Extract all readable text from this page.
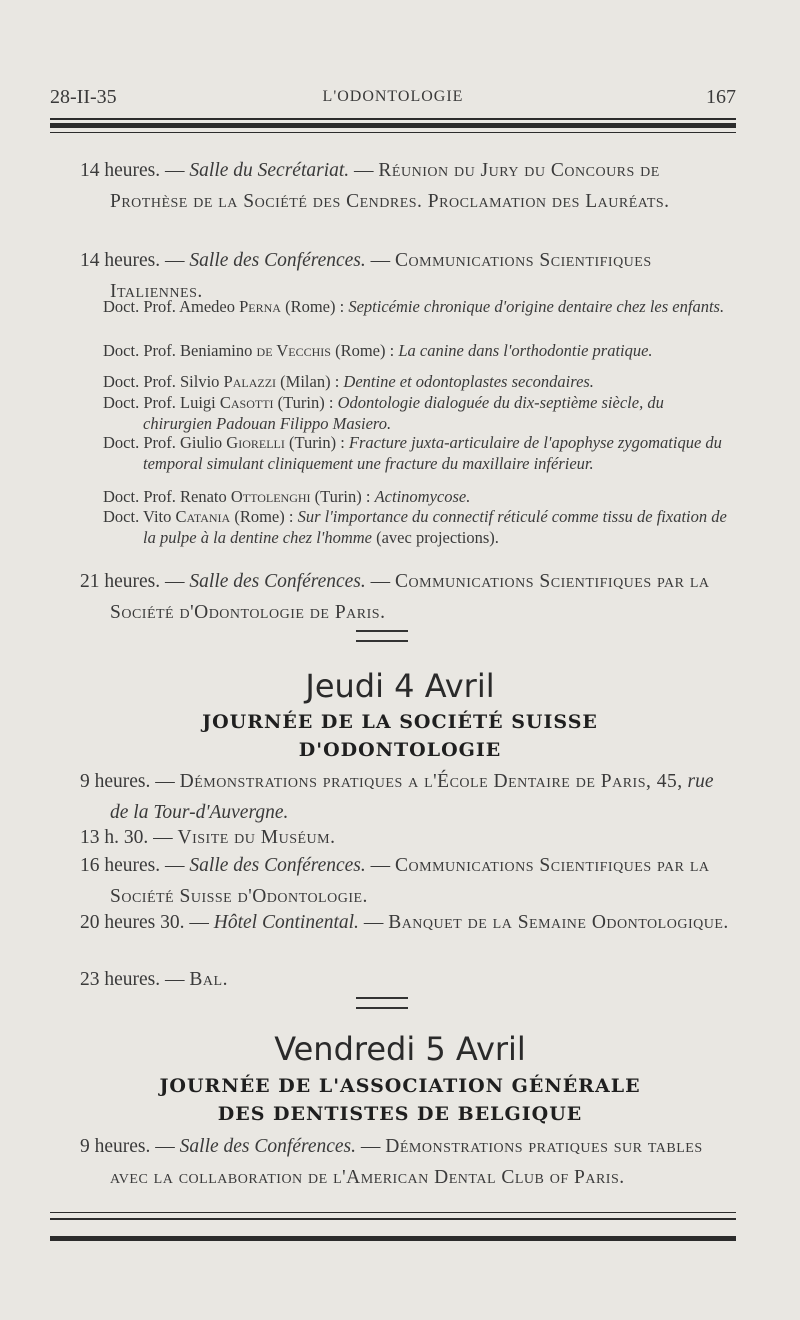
28-II-35	L'ODONTOLOGIE	167
14 heures. — Salle du Secrétariat. — Réunion du Jury du Concours de Prothèse de la Société des Cendres. Proclamation des Lauréats.
14 heures. — Salle des Conférences. — Communications Scientifiques Italiennes.
Doct. Prof. Amedeo Perna (Rome) : Septicémie chronique d'origine dentaire chez les enfants.
Doct. Prof. Beniamino de Vecchis (Rome) : La canine dans l'orthodontie pratique.
Doct. Prof. Silvio Palazzi (Milan) : Dentine et odontoplastes secondaires.
Doct. Prof. Luigi Casotti (Turin) : Odontologie dialoguée du dix-septième siècle, du chirurgien Padouan Filippo Masiero.
Doct. Prof. Giulio Giorelli (Turin) : Fracture juxta-articulaire de l'apophyse zygomatique du temporal simulant cliniquement une fracture du maxillaire inférieur.
Doct. Prof. Renato Ottolenghi (Turin) : Actinomycose.
Doct. Vito Catania (Rome) : Sur l'importance du connectif réticulé comme tissu de fixation de la pulpe à la dentine chez l'homme (avec projections).
21 heures. — Salle des Conférences. — Communications Scientifiques par la Société d'Odontologie de Paris.
Jeudi 4 Avril
JOURNÉE DE LA SOCIÉTÉ SUISSE
D'ODONTOLOGIE
9 heures. — Démonstrations pratiques a l'École Dentaire de Paris, 45, rue de la Tour-d'Auvergne.
13 h. 30. — Visite du Muséum.
16 heures. — Salle des Conférences. — Communications Scientifiques par la Société Suisse d'Odontologie.
20 heures 30. — Hôtel Continental. — Banquet de la Semaine Odontologique.
23 heures. — Bal.
Vendredi 5 Avril
JOURNÉE DE L'ASSOCIATION GÉNÉRALE
DES DENTISTES DE BELGIQUE
9 heures. — Salle des Conférences. — Démonstrations pratiques sur tables avec la collaboration de l'American Dental Club of Paris.
